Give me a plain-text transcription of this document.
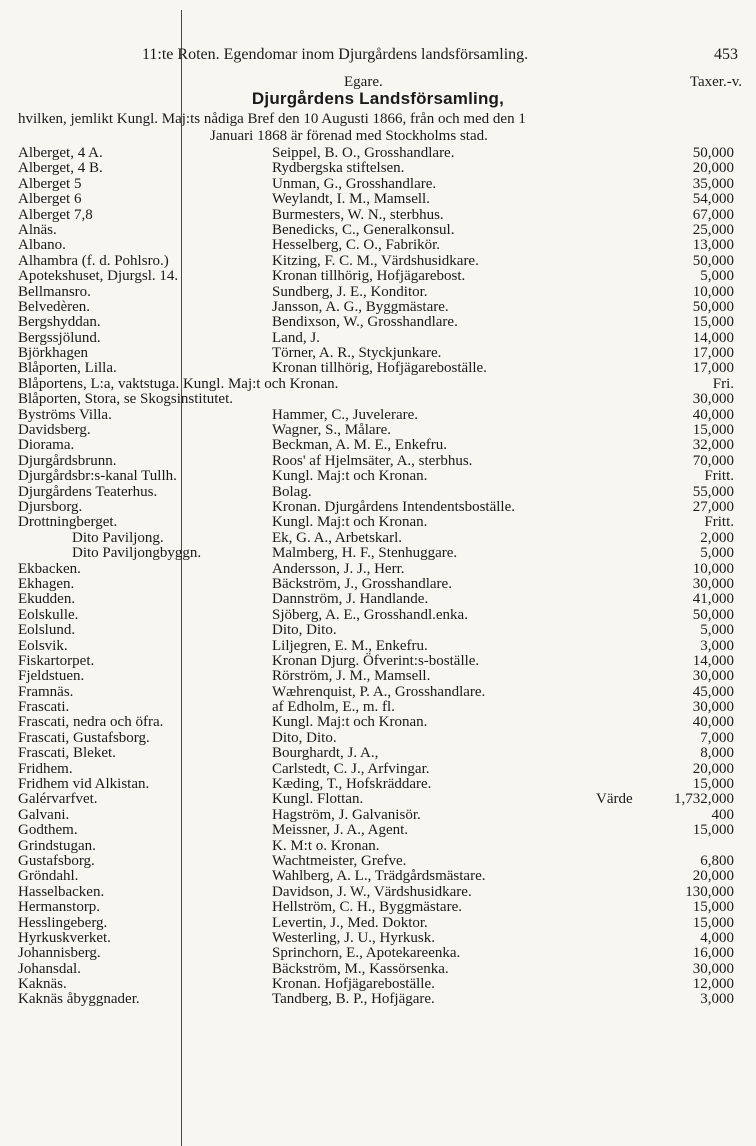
11:te Roten. Egendomar inom Djurgårdens landsförsamling.	453
Egare.	Taxer.-v.
Djurgårdens Landsförsamling,
hvilken, jemlikt Kungl. Maj:ts nådiga Bref den 10 Augusti 1866, från och med den 1
Januari 1868 är förenad med Stockholms stad.
Alberget, 4 A.	Seippel, B. O., Grosshandlare.	50,000
Alberget, 4 B.	Rydbergska stiftelsen.	20,000
Alberget 5	Unman, G., Grosshandlare.	35,000
Alberget 6	Weylandt, I. M., Mamsell.	54,000
Alberget 7,8	Burmesters, W. N., sterbhus.	67,000
Alnäs.	Benedicks, C., Generalkonsul.	25,000
Albano.	Hesselberg, C. O., Fabrikör.	13,000
Alhambra (f. d. Pohlsro.)	Kitzing, F. C. M., Värdshusidkare.	50,000
Apotekshuset, Djurgsl. 14.	Kronan tillhörig, Hofjägarebost.	5,000
Bellmansro.	Sundberg, J. E., Konditor.	10,000
Belvedèren.	Jansson, A. G., Byggmästare.	50,000
Bergshyddan.	Bendixson, W., Grosshandlare.	15,000
Bergssjölund.	Land, J.	14,000
Björkhagen	Törner, A. R., Styckjunkare.	17,000
Blåporten, Lilla.	Kronan tillhörig, Hofjägareboställe.	17,000
Blåportens, L:a, vaktstuga. Kungl. Maj:t och Kronan.	Fri.
Blåporten, Stora, se Skogsinstitutet.	30,000
Byströms Villa.	Hammer, C., Juvelerare.	40,000
Davidsberg.	Wagner, S., Målare.	15,000
Diorama.	Beckman, A. M. E., Enkefru.	32,000
Djurgårdsbrunn.	Roos' af Hjelmsäter, A., sterbhus.	70,000
Djurgårdsbr:s-kanal Tullh.	Kungl. Maj:t och Kronan.	Fritt.
Djurgårdens Teaterhus.	Bolag.	55,000
Djursborg.	Kronan. Djurgårdens Intendentsboställe.	27,000
Drottningberget.	Kungl. Maj:t och Kronan.	Fritt.
Dito Paviljong.	Ek, G. A., Arbetskarl.	2,000
Dito Paviljongbyggn.	Malmberg, H. F., Stenhuggare.	5,000
Ekbacken.	Andersson, J. J., Herr.	10,000
Ekhagen.	Bäckström, J., Grosshandlare.	30,000
Ekudden.	Dannström, J. Handlande.	41,000
Eolskulle.	Sjöberg, A. E., Grosshandl.enka.	50,000
Eolslund.	Dito, Dito.	5,000
Eolsvik.	Liljegren, E. M., Enkefru.	3,000
Fiskartorpet.	Kronan Djurg. Öfverint:s-boställe.	14,000
Fjeldstuen.	Rörström, J. M., Mamsell.	30,000
Framnäs.	Wæhrenquist, P. A., Grosshandlare.	45,000
Frascati.	af Edholm, E., m. fl.	30,000
Frascati, nedra och öfra.	Kungl. Maj:t och Kronan.	40,000
Frascati, Gustafsborg.	Dito, Dito.	7,000
Frascati, Bleket.	Bourghardt, J. A.,	8,000
Fridhem.	Carlstedt, C. J., Arfvingar.	20,000
Fridhem vid Alkistan.	Kæding, T., Hofskräddare.	15,000
Galérvarfvet.	Kungl. Flottan.	Värde	1,732,000
Galvani.	Hagström, J. Galvanisör.	400
Godthem.	Meissner, J. A., Agent.	15,000
Grindstugan.	K. M:t o. Kronan.
Gustafsborg.	Wachtmeister, Grefve.	6,800
Gröndahl.	Wahlberg, A. L., Trädgårdsmästare.	20,000
Hasselbacken.	Davidson, J. W., Värdshusidkare.	130,000
Hermanstorp.	Hellström, C. H., Byggmästare.	15,000
Hesslingeberg.	Levertin, J., Med. Doktor.	15,000
Hyrkuskverket.	Westerling, J. U., Hyrkusk.	4,000
Johannisberg.	Sprinchorn, E., Apotekareenka.	16,000
Johansdal.	Bäckström, M., Kassörsenka.	30,000
Kaknäs.	Kronan. Hofjägareboställe.	12,000
Kaknäs åbyggnader.	Tandberg, B. P., Hofjägare.	3,000
